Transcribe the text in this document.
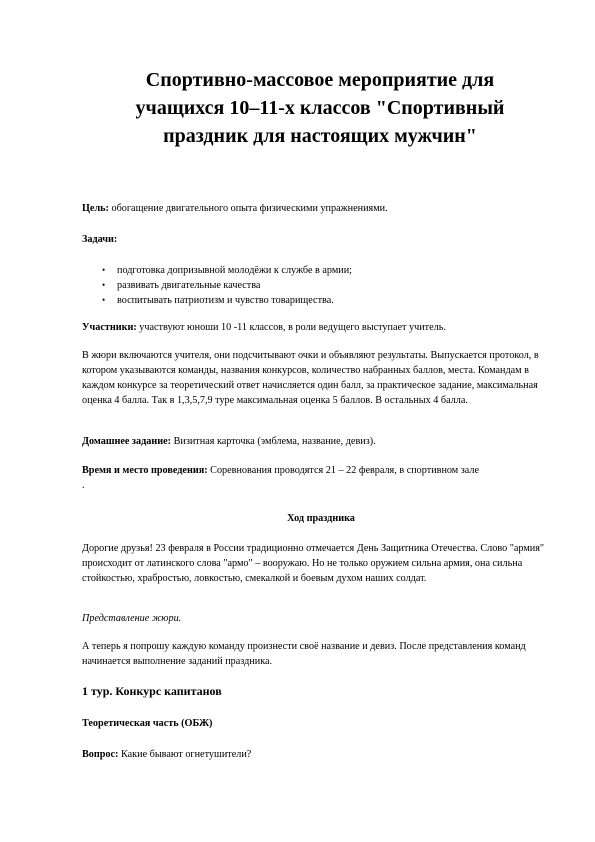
Спортивно-массовое мероприятие для учащихся 10–11-х классов "Спортивный праздник для настоящих мужчин"

Цель: обогащение двигательного опыта физическими упражнениями.

Задачи:

• подготовка допризывной молодёжи к службе в армии;
• развивать двигательные качества
• воспитывать патриотизм и чувство товарищества.

Участники: участвуют юноши 10 -11 классов, в роли ведущего выступает учитель.

В жюри включаются учителя, они подсчитывают очки и объявляют результаты. Выпускается протокол, в котором указываются команды, названия конкурсов, количество набранных баллов, места. Командам в каждом конкурсе за теоретический ответ начисляется один балл, за практическое задание, максимальная оценка 4 балла. Так в 1,3,5,7,9 туре максимальная оценка 5 баллов. В остальных 4 балла.

Домашнее задание: Визитная карточка (эмблема, название, девиз).

Время и место проведения: Соревнования проводятся 21 – 22 февраля, в спортивном зале

.

Ход праздника

Дорогие друзья! 23 февраля в России традиционно отмечается День Защитника Отечества. Слово "армия" происходит от латинского слова "армо" – вооружаю. Но не только оружием сильна армия, она сильна стойкостью, храбростью, ловкостью, смекалкой и боевым духом наших солдат.

Представление жюри.

А теперь я попрошу каждую команду произнести своё название и девиз. После представления команд начинается выполнение заданий праздника.

1 тур. Конкурс капитанов

Теоретическая часть (ОБЖ)

Вопрос: Какие бывают огнетушители?
